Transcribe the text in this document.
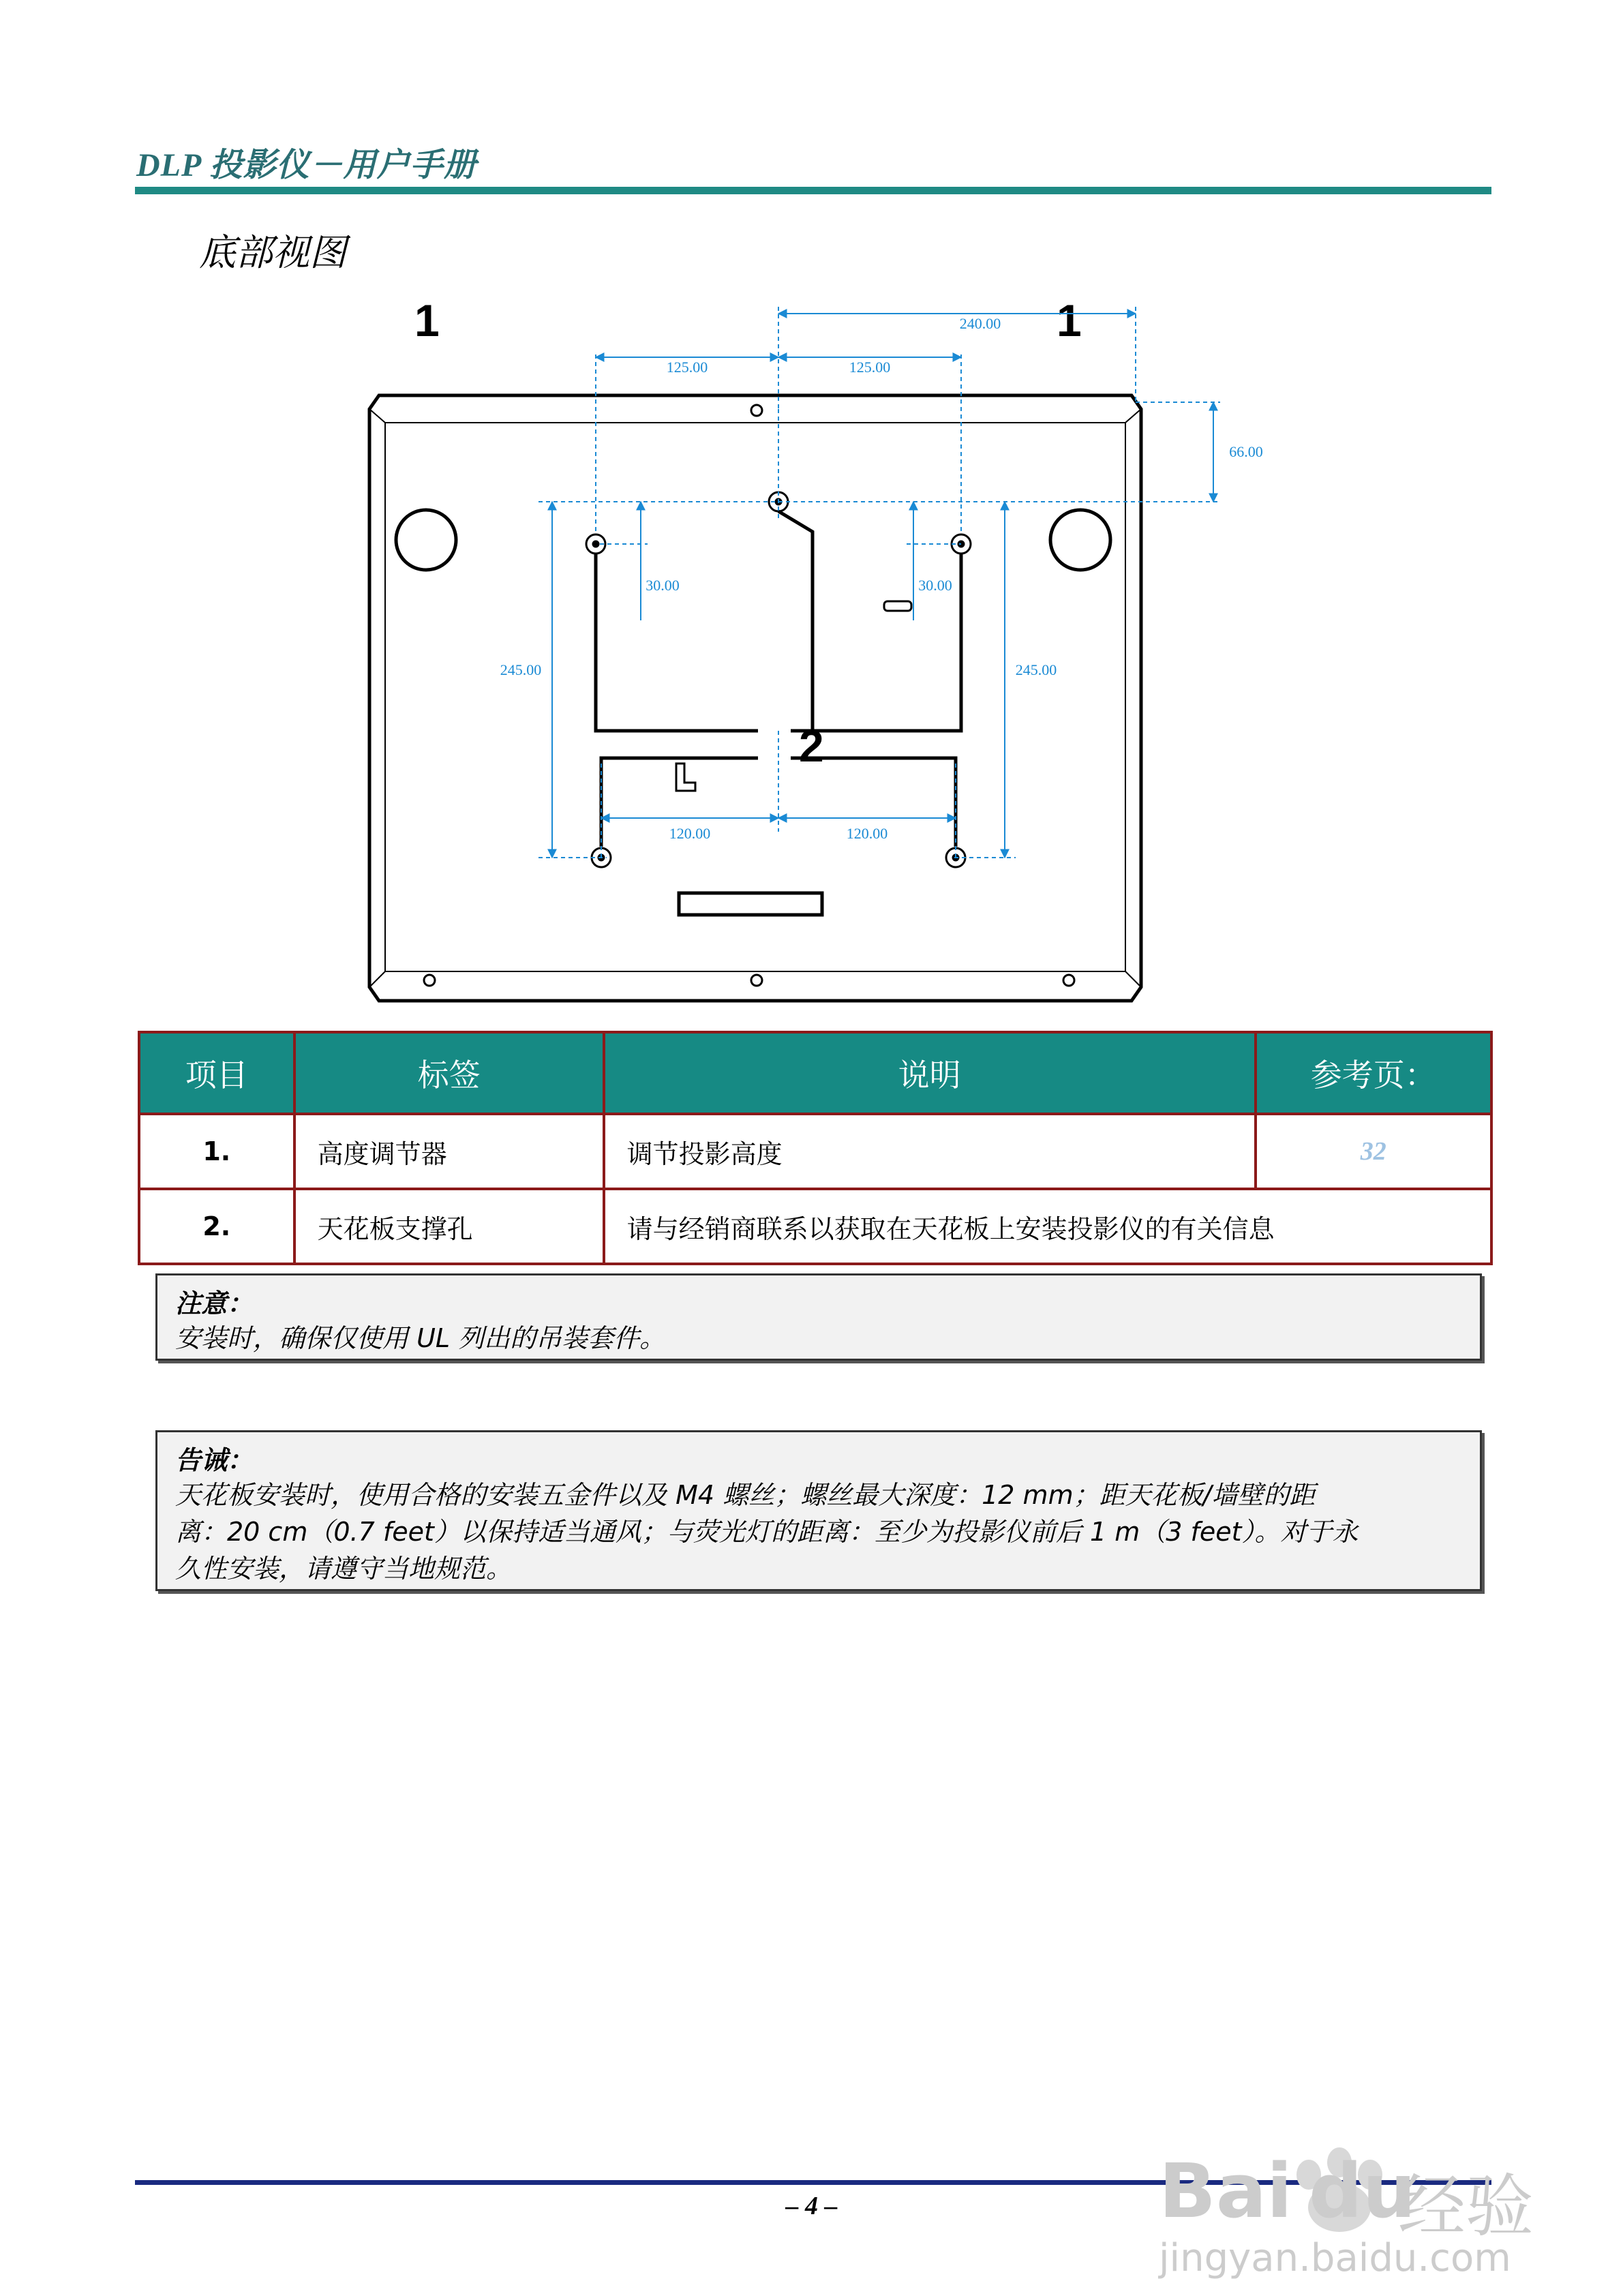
DLP 投影仪－用户手册
底部视图
1	1
2
240.00
125.00	125.00
66.00
245.00	245.00
30.00	30.00
120.00	120.00
项目	标签	说明	参考页：
1.	高度调节器	调节投影高度	32
2.	天花板支撑孔	请与经销商联系以获取在天花板上安装投影仪的有关信息	
注意：
安装时，确保仅使用 UL 列出的吊装套件。
告诫：
天花板安装时，使用合格的安装五金件以及 M4 螺丝；螺丝最大深度：12 mm；距天花板/墙壁的距
离：20 cm（0.7 feet）以保持适当通风；与荧光灯的距离：至少为投影仪前后 1 m（3 feet）。对于永
久性安装，请遵守当地规范。
– 4 –	Bai du
经验
jingyan.baidu.com
